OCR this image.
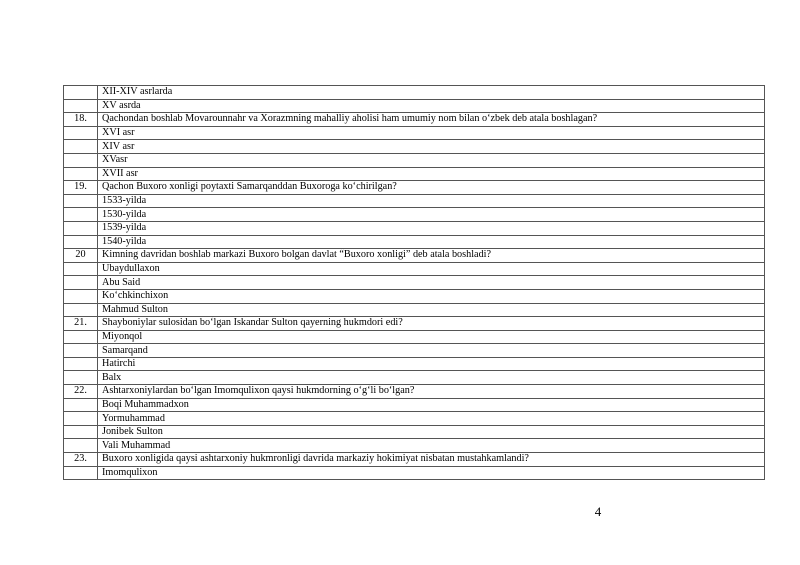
	XII-XIV asrlarda
	XV asrda
18.	Qachondan boshlab Movarounnahr va Xorazmning mahalliy aholisi ham umumiy nom bilan o‘zbek deb atala boshlagan?
	XVI asr
	XIV asr
	XVasr
	XVII asr
19.	Qachon Buxoro xonligi poytaxti Samarqanddan Buxoroga ko‘chirilgan?
	1533-yilda
	1530-yilda
	1539-yilda
	1540-yilda
20	Kimning davridan boshlab markazi Buxoro bolgan davlat “Buxoro xonligi” deb atala boshladi?
	Ubaydullaxon
	Abu Said
	Ko‘chkinchixon
	Mahmud Sulton
21.	Shayboniylar sulosidan bo‘lgan Iskandar Sulton qayerning hukmdori edi?
	Miyonqol
	Samarqand
	Hatirchi
	Balx
22.	Ashtarxoniylardan bo‘lgan Imomqulixon qaysi hukmdorning o‘g‘li bo‘lgan?
	Boqi Muhammadxon
	Yormuhammad
	Jonibek Sulton
	Vali Muhammad
23.	Buxoro xonligida qaysi ashtarxoniy hukmronligi davrida markaziy hokimiyat nisbatan mustahkamlandi?
	Imomqulixon
4
